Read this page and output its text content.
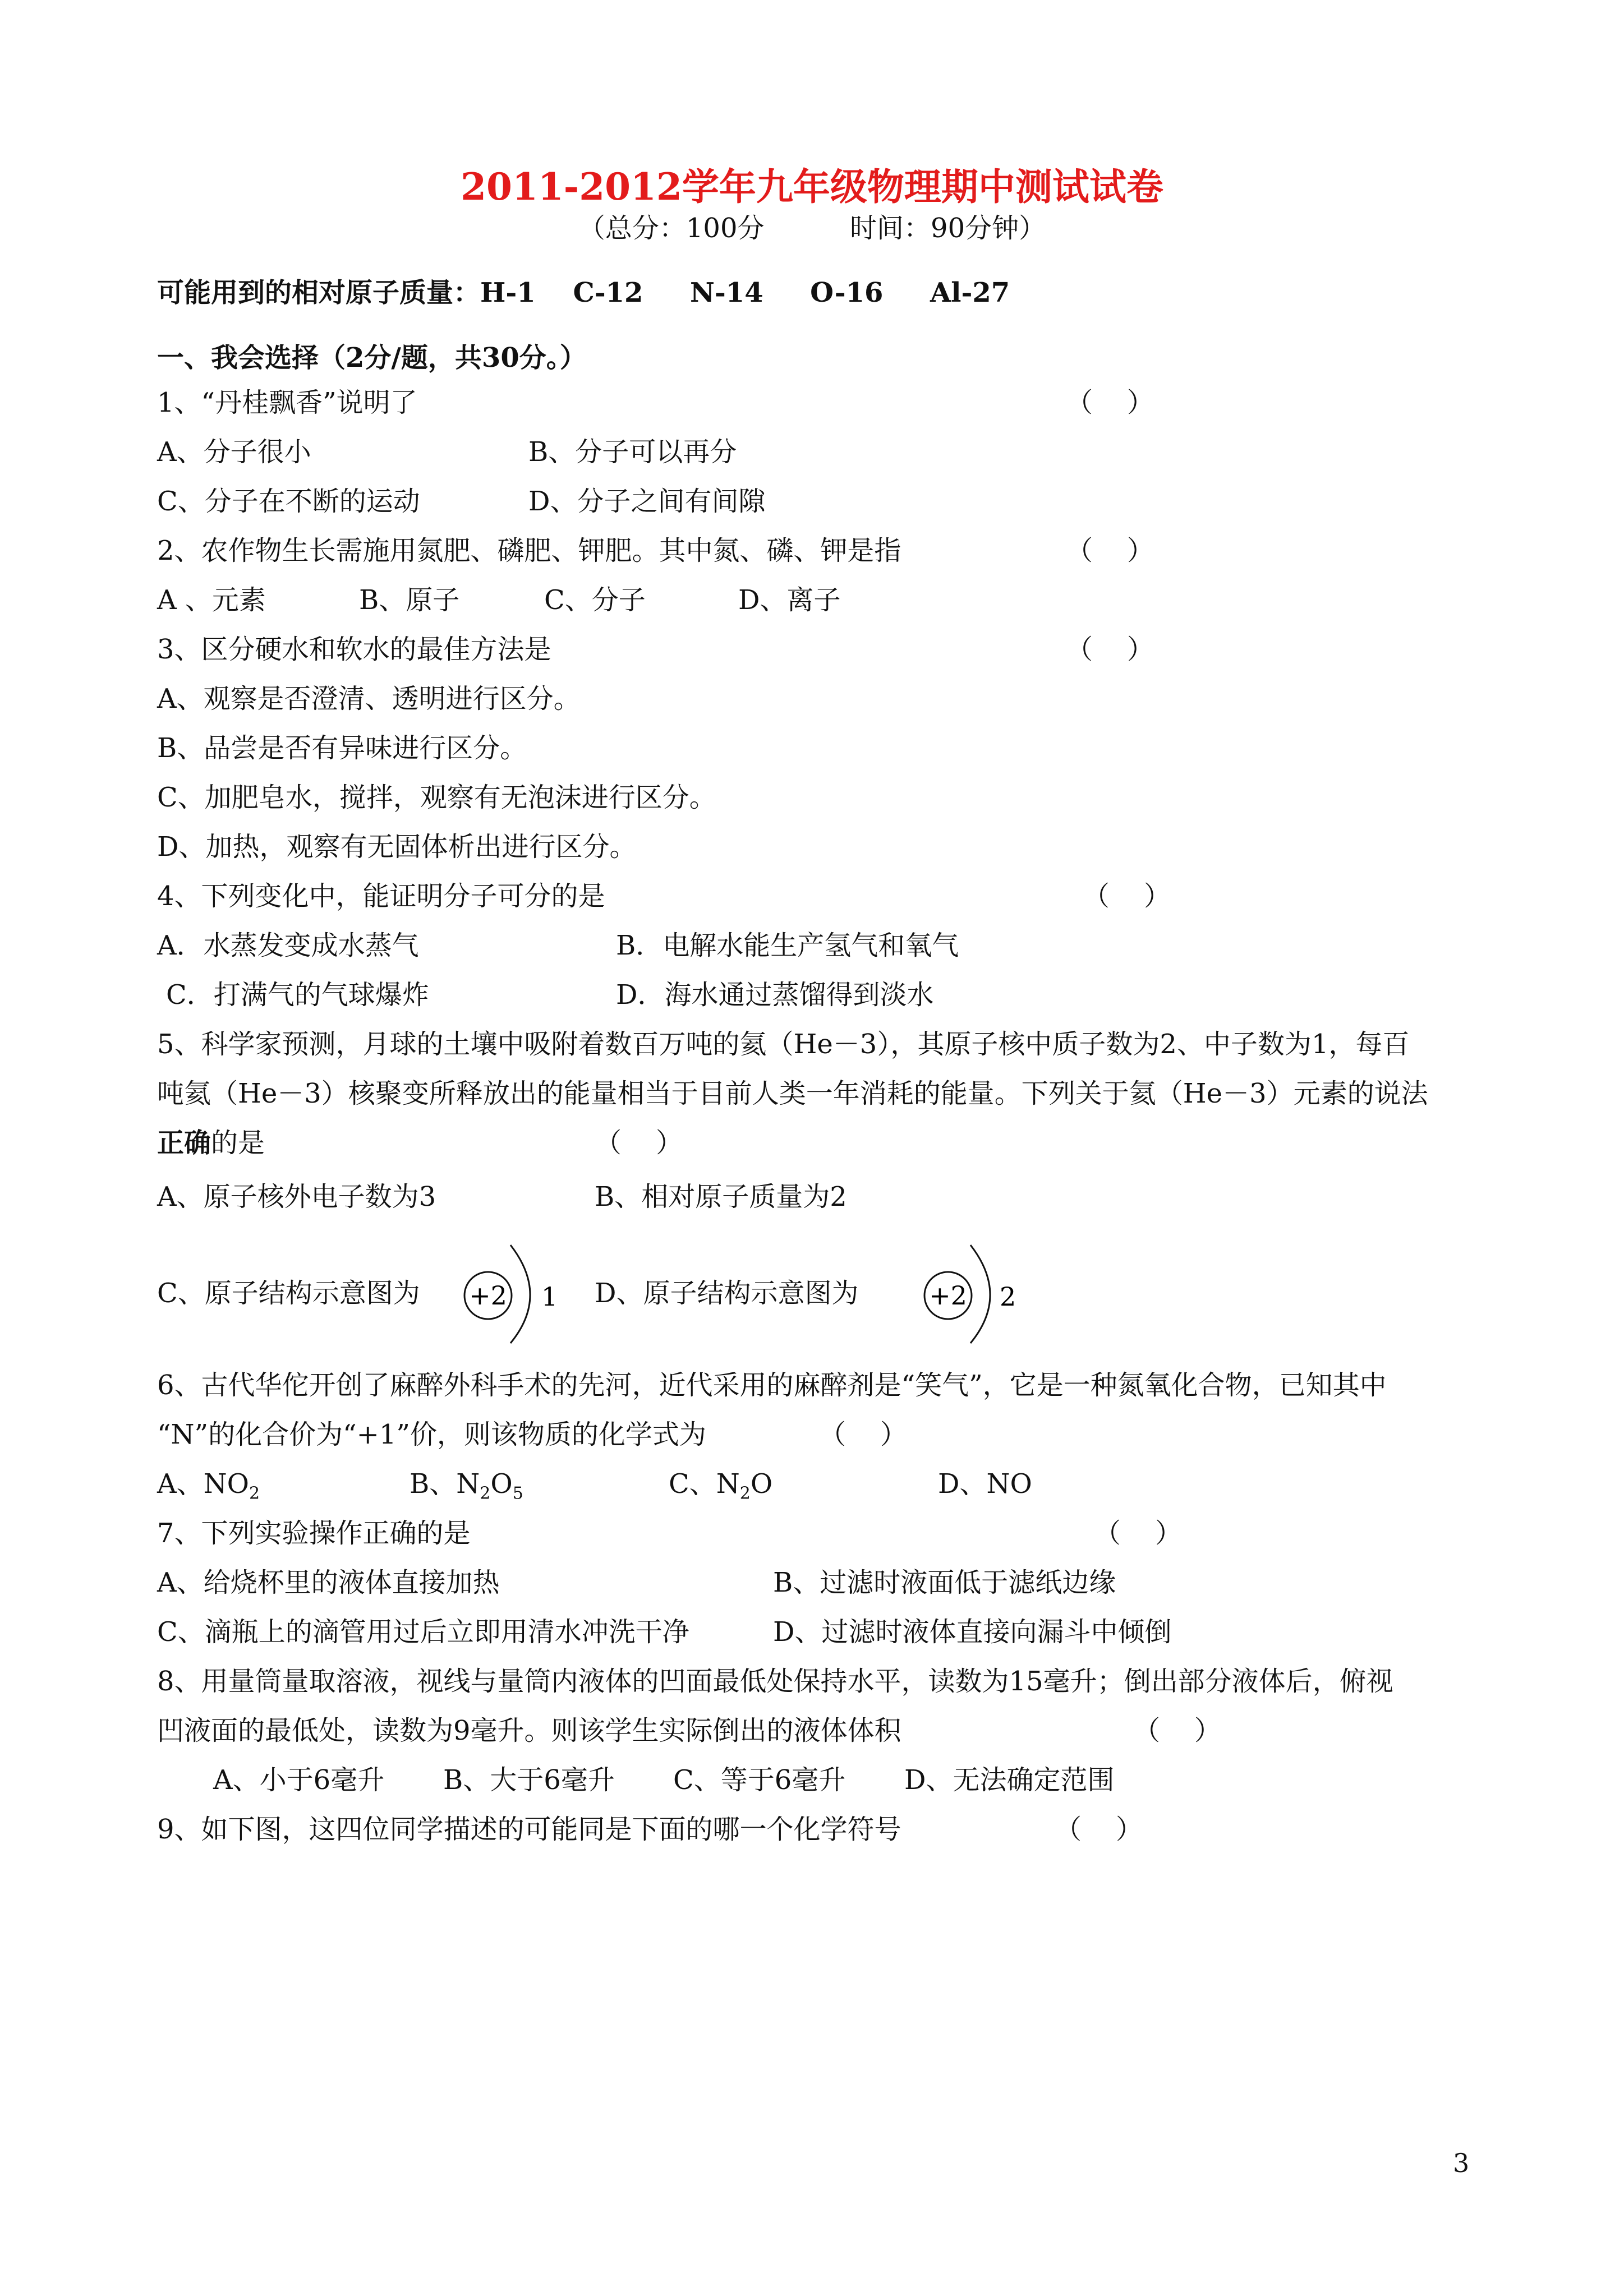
2011-2012学年九年级物理期中测试试卷
（总分：100分          时间：90分钟）
可能用到的相对原子质量：H-1    C-12     N-14     O-16     Al-27
一、我会选择（2分/题，共30分。）
1、“丹桂飘香”说明了	（    ）
A、分子很小	B、分子可以再分
C、分子在不断的运动	D、分子之间有间隙
2、农作物生长需施用氮肥、磷肥、钾肥。其中氮、磷、钾是指	（    ）
A 、元素	B、原子	C、分子	D、离子
3、区分硬水和软水的最佳方法是	（    ）
A、观察是否澄清、透明进行区分。
B、品尝是否有异味进行区分。
C、加肥皂水，搅拌，观察有无泡沫进行区分。
D、加热，观察有无固体析出进行区分。
4、下列变化中，能证明分子可分的是	（    ）
A．水蒸发变成水蒸气	B．电解水能生产氢气和氧气
C．打满气的气球爆炸	D．海水通过蒸馏得到淡水
5、科学家预测，月球的土壤中吸附着数百万吨的氦（He－3），其原子核中质子数为2、中子数为1，每百
吨氦（He－3）核聚变所释放出的能量相当于目前人类一年消耗的能量。下列关于氦（He－3）元素的说法
正确的是	（    ）
A、原子核外电子数为3	B、相对原子质量为2
C、原子结构示意图为 +2 1 D、原子结构示意图为	+2 2
6、古代华佗开创了麻醉外科手术的先河，近代采用的麻醉剂是“笑气”，它是一种氮氧化合物，已知其中
“N”的化合价为“+1”价，则该物质的化学式为	（    ）
A、$NO_2$	B、$N_2O_5$	C、$N_2O$	D、NO
7、下列实验操作正确的是	（    ）
A、给烧杯里的液体直接加热	B、过滤时液面低于滤纸边缘
C、滴瓶上的滴管用过后立即用清水冲洗干净	D、过滤时液体直接向漏斗中倾倒
8、用量筒量取溶液，视线与量筒内液体的凹面最低处保持水平，读数为15毫升；倒出部分液体后，俯视
凹液面的最低处，读数为9毫升。则该学生实际倒出的液体体积	（    ）
A、小于6毫升 B、大于6毫升 C、等于6毫升 D、无法确定范围
9、如下图，这四位同学描述的可能同是下面的哪一个化学符号	（    ）
3
